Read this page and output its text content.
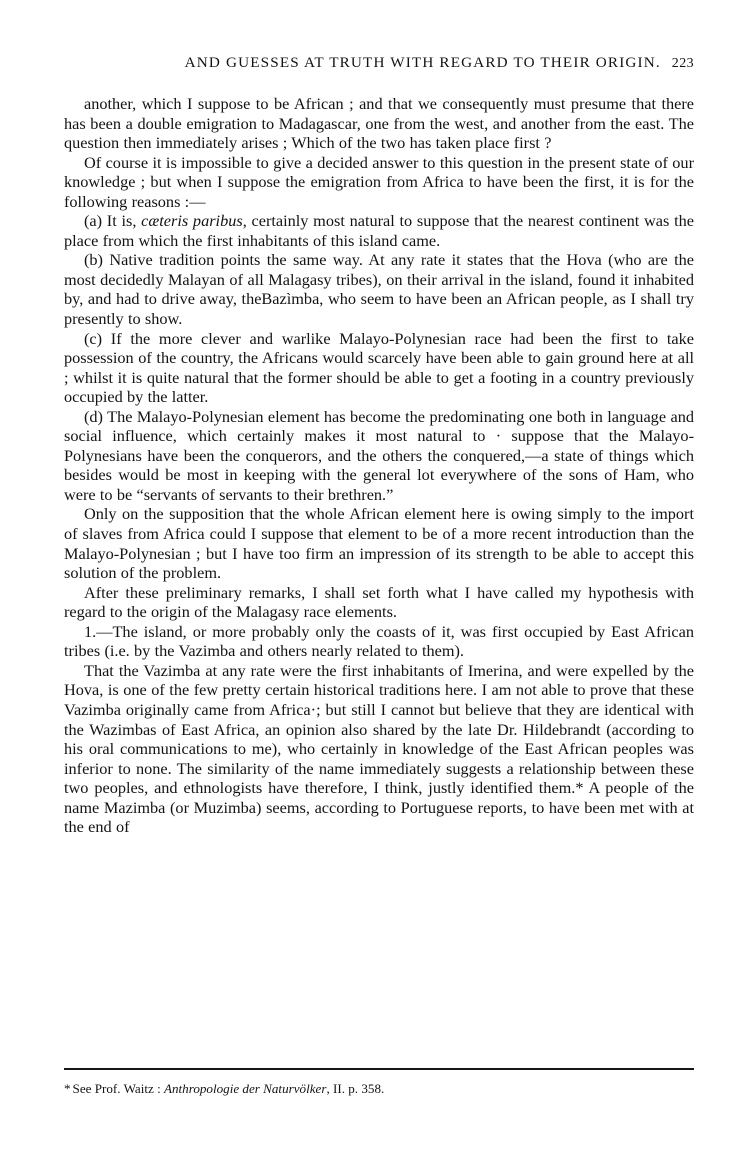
AND GUESSES AT TRUTH WITH REGARD TO THEIR ORIGIN. 223

another, which I suppose to be African ; and that we consequently must presume that there has been a double emigration to Madagascar, one from the west, and another from the east. The question then immediately arises ; Which of the two has taken place first ?

Of course it is impossible to give a decided answer to this question in the present state of our knowledge ; but when I suppose the emigration from Africa to have been the first, it is for the following reasons :—

(a) It is, cæteris paribus, certainly most natural to suppose that the nearest continent was the place from which the first inhabitants of this island came.

(b) Native tradition points the same way. At any rate it states that the Hova (who are the most decidedly Malayan of all Malagasy tribes), on their arrival in the island, found it inhabited by, and had to drive away, theВаzìmba, who seem to have been an African people, as I shall try presently to show.

(c) If the more clever and warlike Malayo-Polynesian race had been the first to take possession of the country, the Africans would scarcely have been able to gain ground here at all ; whilst it is quite natural that the former should be able to get a footing in a country previously occupied by the latter.

(d) The Malayo-Polynesian element has become the predominating one both in language and social influence, which certainly makes it most natural to · suppose that the Malayo-Polynesians have been the conquerors, and the others the conquered,—a state of things which besides would be most in keeping with the general lot everywhere of the sons of Ham, who were to be “servants of servants to their brethren.”

Only on the supposition that the whole African element here is owing simply to the import of slaves from Africa could I suppose that element to be of a more recent introduction than the Malayo-Polynesian ; but I have too firm an impression of its strength to be able to accept this solution of the problem.

After these preliminary remarks, I shall set forth what I have called my hypothesis with regard to the origin of the Malagasy race elements.

1.—The island, or more probably only the coasts of it, was first occupied by East African tribes (i.e. by the Vazimba and others nearly related to them).

That the Vazimba at any rate were the first inhabitants of Imerina, and were expelled by the Hova, is one of the few pretty certain historical traditions here. I am not able to prove that these Vazimba originally came from Africa·; but still I cannot but believe that they are identical with the Wazimbas of East Africa, an opinion also shared by the late Dr. Hildebrandt (according to his oral communications to me), who certainly in knowledge of the East African peoples was inferior to none. The similarity of the name immediately suggests a relationship between these two peoples, and ethnologists have therefore, I think, justly identified them.* A people of the name Mazimba (or Muzimba) seems, according to Portuguese reports, to have been met with at the end of

* See Prof. Waitz : Anthropologie der Naturvölker, II. p. 358.
